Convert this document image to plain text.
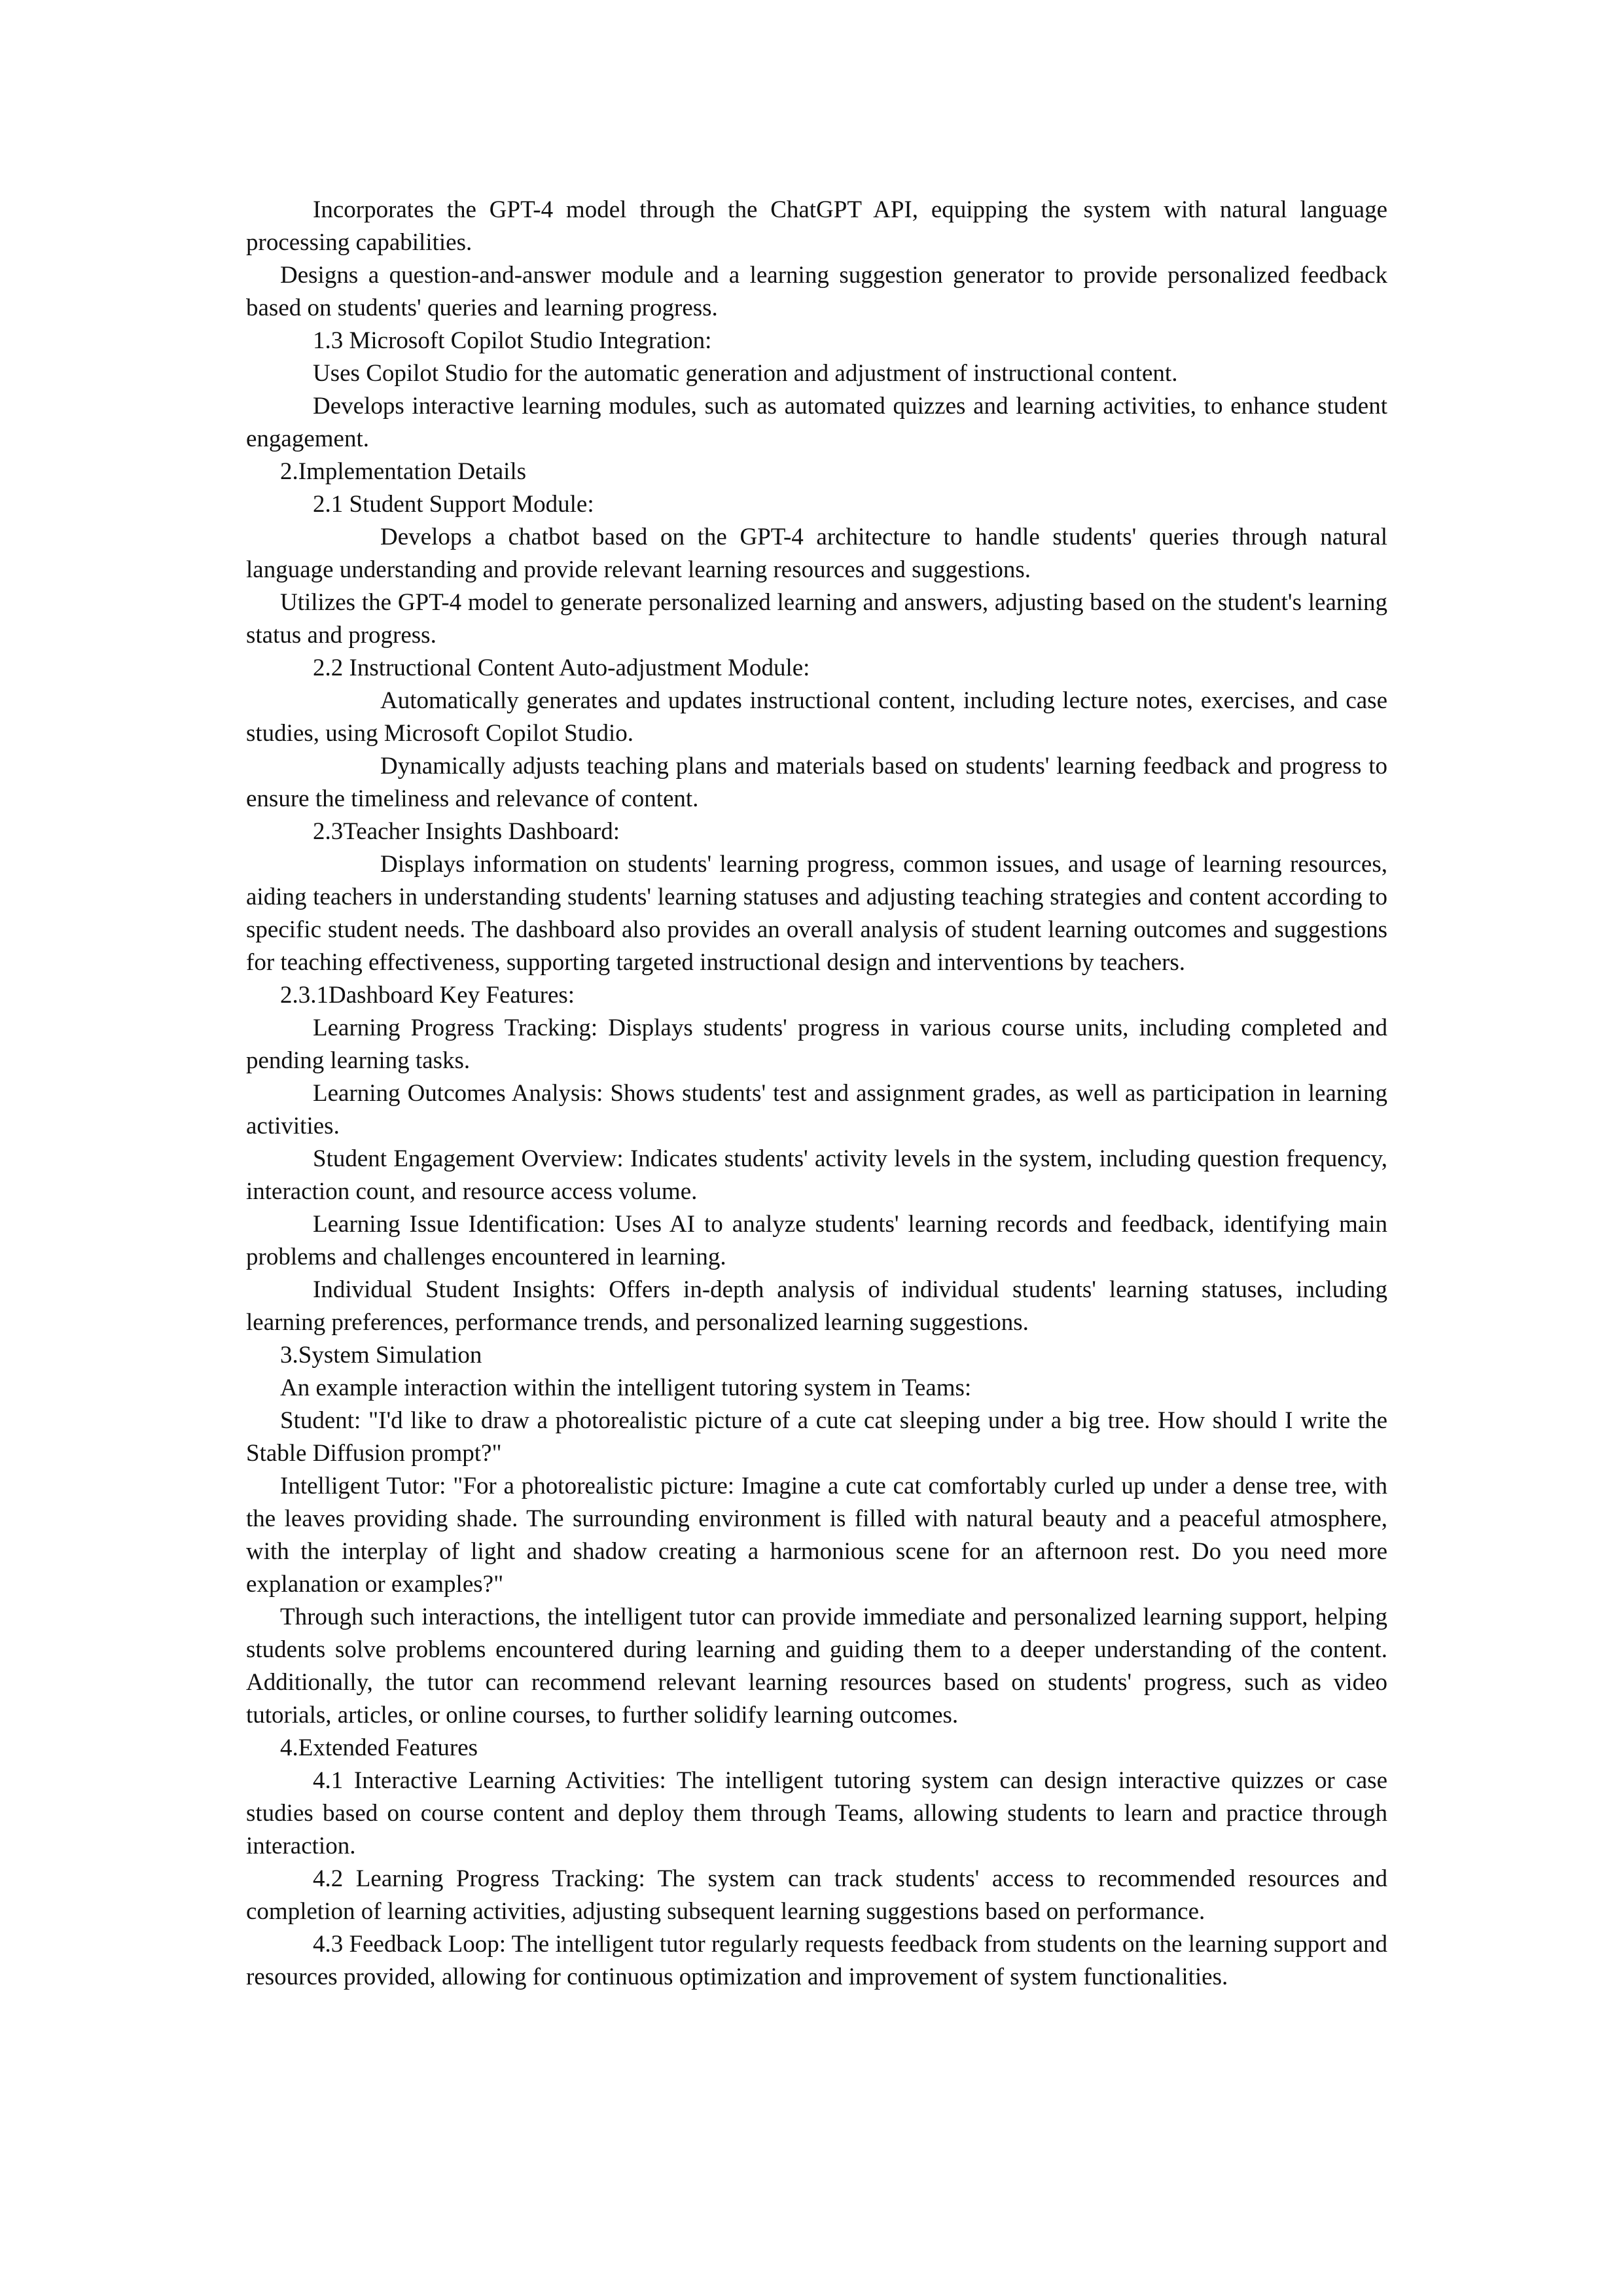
Incorporates the GPT-4 model through the ChatGPT API, equipping the system with natural language processing capabilities.

Designs a question-and-answer module and a learning suggestion generator to provide personalized feedback based on students' queries and learning progress.

1.3 Microsoft Copilot Studio Integration:

Uses Copilot Studio for the automatic generation and adjustment of instructional content.

Develops interactive learning modules, such as automated quizzes and learning activities, to enhance student engagement.

2.Implementation Details

2.1 Student Support Module:

Develops a chatbot based on the GPT-4 architecture to handle students' queries through natural language understanding and provide relevant learning resources and suggestions.

Utilizes the GPT-4 model to generate personalized learning and answers, adjusting based on the student's learning status and progress.

2.2 Instructional Content Auto-adjustment Module:

Automatically generates and updates instructional content, including lecture notes, exercises, and case studies, using Microsoft Copilot Studio.

Dynamically adjusts teaching plans and materials based on students' learning feedback and progress to ensure the timeliness and relevance of content.

2.3Teacher Insights Dashboard:

Displays information on students' learning progress, common issues, and usage of learning resources, aiding teachers in understanding students' learning statuses and adjusting teaching strategies and content according to specific student needs. The dashboard also provides an overall analysis of student learning outcomes and suggestions for teaching effectiveness, supporting targeted instructional design and interventions by teachers.

2.3.1Dashboard Key Features:

Learning Progress Tracking: Displays students' progress in various course units, including completed and pending learning tasks.

Learning Outcomes Analysis: Shows students' test and assignment grades, as well as participation in learning activities.

Student Engagement Overview: Indicates students' activity levels in the system, including question frequency, interaction count, and resource access volume.

Learning Issue Identification: Uses AI to analyze students' learning records and feedback, identifying main problems and challenges encountered in learning.

Individual Student Insights: Offers in-depth analysis of individual students' learning statuses, including learning preferences, performance trends, and personalized learning suggestions.

3.System Simulation

An example interaction within the intelligent tutoring system in Teams:

Student: "I'd like to draw a photorealistic picture of a cute cat sleeping under a big tree. How should I write the Stable Diffusion prompt?"

Intelligent Tutor: "For a photorealistic picture: Imagine a cute cat comfortably curled up under a dense tree, with the leaves providing shade. The surrounding environment is filled with natural beauty and a peaceful atmosphere, with the interplay of light and shadow creating a harmonious scene for an afternoon rest. Do you need more explanation or examples?"

Through such interactions, the intelligent tutor can provide immediate and personalized learning support, helping students solve problems encountered during learning and guiding them to a deeper understanding of the content. Additionally, the tutor can recommend relevant learning resources based on students' progress, such as video tutorials, articles, or online courses, to further solidify learning outcomes.

4.Extended Features

4.1 Interactive Learning Activities: The intelligent tutoring system can design interactive quizzes or case studies based on course content and deploy them through Teams, allowing students to learn and practice through interaction.

4.2 Learning Progress Tracking: The system can track students' access to recommended resources and completion of learning activities, adjusting subsequent learning suggestions based on performance.

4.3 Feedback Loop: The intelligent tutor regularly requests feedback from students on the learning support and resources provided, allowing for continuous optimization and improvement of system functionalities.
